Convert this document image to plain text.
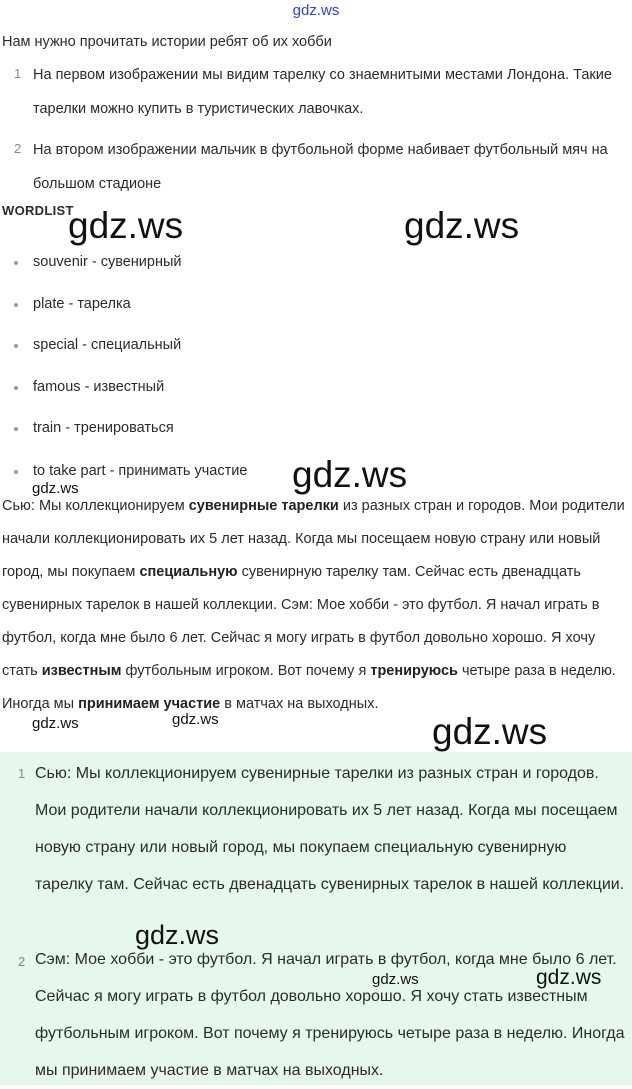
gdz.ws
Нам нужно прочитать истории ребят об их хобби
1 На первом изображении мы видим тарелку со знаемнитыми местами Лондона. Такие тарелки можно купить в туристических лавочках.
2 На втором изображении мальчик в футбольной форме набивает футбольный мяч на большом стадионе
WORDLIST
souvenir - сувенирный
plate - тарелка
special - специальный
famous - известный
train - тренироваться
to take part - принимать участие
Сью: Мы коллекционируем сувенирные тарелки из разных стран и городов. Мои родители начали коллекционировать их 5 лет назад. Когда мы посещаем новую страну или новый город, мы покупаем специальную сувенирную тарелку там. Сейчас есть двенадцать сувенирных тарелок в нашей коллекции. Сэм: Мое хобби - это футбол. Я начал играть в футбол, когда мне было 6 лет. Сейчас я могу играть в футбол довольно хорошо. Я хочу стать известным футбольным игроком. Вот почему я тренируюсь четыре раза в неделю. Иногда мы принимаем участие в матчах на выходных.
1 Сью: Мы коллекционируем сувенирные тарелки из разных стран и городов. Мои родители начали коллекционировать их 5 лет назад. Когда мы посещаем новую страну или новый город, мы покупаем специальную сувенирную тарелку там. Сейчас есть двенадцать сувенирных тарелок в нашей коллекции.
2 Сэм: Мое хобби - это футбол. Я начал играть в футбол, когда мне было 6 лет. Сейчас я могу играть в футбол довольно хорошо. Я хочу стать известным футбольным игроком. Вот почему я тренируюсь четыре раза в неделю. Иногда мы принимаем участие в матчах на выходных.
gdz.ws	gdz.ws
gdz.ws
gdz.ws
gdz.ws	gdz.ws	gdz.ws
gdz.ws
gdz.ws	gdz.ws
